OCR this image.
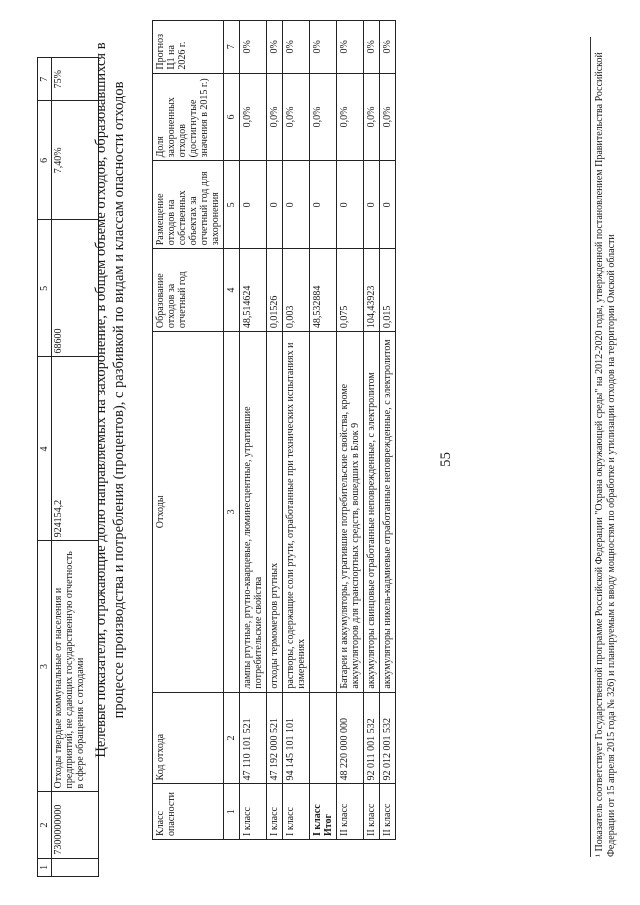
1	2	3	4	5	6	7
	7300000000	Отходы твердые коммунальные от населения и предприятий, не сдающих государственную отчетность в сфере обращения с отходами	924154,2	68600	7,40%	75%
55
Целевые показатели, отражающие долю направляемых на захоронение, в общем объеме отходов, образовавшихся в процессе производства и потребления (процентов), с разбивкой по видам и классам опасности отходов
Класс опасности	Код отхода	Отходы	Образование отходов за отчетный год	Размещение отходов на собственных объектах за отчетный год для захоронения	Доля захороненных отходов (достигнутые значения в 2015 г.)	Прогноз Ц1 на 2026 г.
1	2	3	4	5	6	7
I класс	47 110 101 521	лампы ртутные, ртутно-кварцевые, люминесцентные, утратившие потребительские свойства	48,514624	0	0,0%	0%
I класс	47 192 000 521	отходы термометров ртутных	0,01526	0	0,0%	0%
I класс	94 145 101 101	растворы, содержащие соли ртути, отработанные при технических испытаниях и измерениях	0,003	0	0,0%	0%
I класс Итог			48,532884	0	0,0%	0%
II класс	48 220 000 000	Батареи и аккумуляторы, утратившие потребительские свойства, кроме аккумуляторов для транспортных средств, вошедших в Блок 9	0,075	0	0,0%	0%
II класс	92 011 001 532	аккумуляторы свинцовые отработанные неповрежденные, с электролитом	104,43923	0	0,0%	0%
II класс	92 012 001 532	аккумуляторы никель-кадмиевые отработанные неповрежденные, с электролитом	0,015	0	0,0%	0%
¹ Показатель соответствует Государственной программе Российской Федерации "Охрана окружающей среды" на 2012-2020 годы, утвержденной постановлением Правительства Российской Федерации от 15 апреля 2015 года № 326) и планируемым к вводу мощностям по обработке и утилизации отходов на территории Омской области
